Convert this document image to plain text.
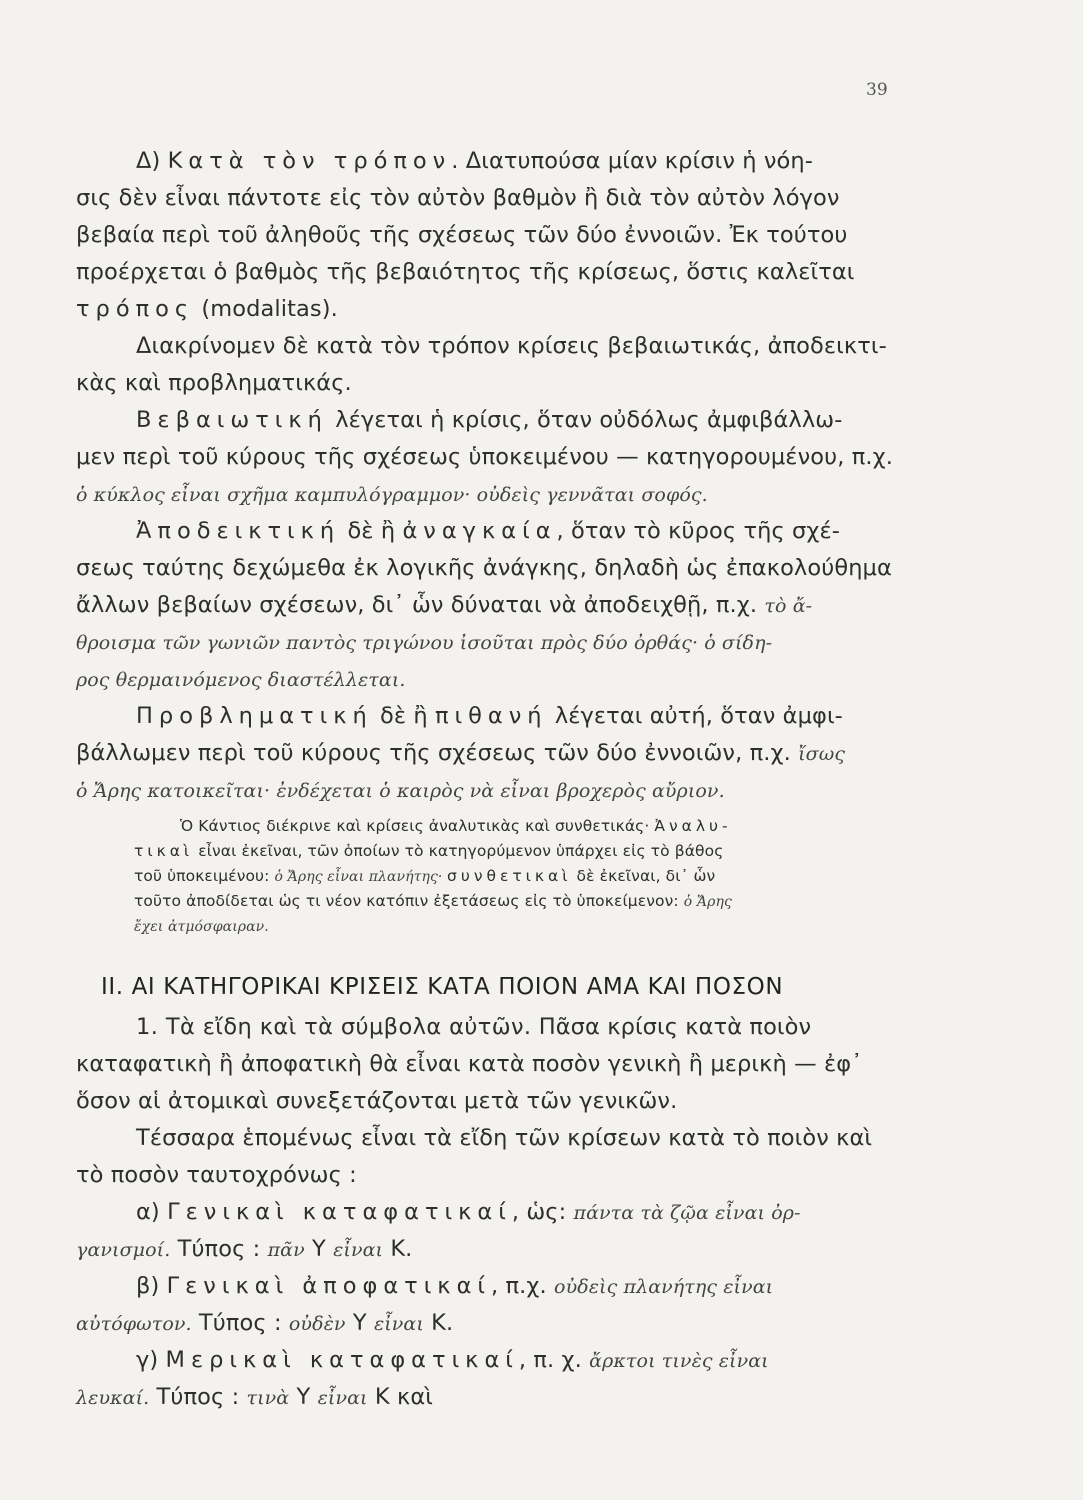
39
Δ) Κατὰ τὸν τρόπον. Διατυπούσα μίαν κρίσιν ἡ νόη-
σις δὲν εἶναι πάντοτε εἰς τὸν αὐτὸν βαθμὸν ἢ διὰ τὸν αὐτὸν λόγον
βεβαία περὶ τοῦ ἀληθοῦς τῆς σχέσεως τῶν δύο ἐννοιῶν. Ἐκ τούτου
προέρχεται ὁ βαθμὸς τῆς βεβαιότητος τῆς κρίσεως, ὅστις καλεῖται
τρόπος (modalitas).
Διακρίνομεν δὲ κατὰ τὸν τρόπον κρίσεις βεβαιωτικάς, ἀποδεικτι-
κὰς καὶ προβληματικάς.
Βεβαιωτική λέγεται ἡ κρίσις, ὅταν οὐδόλως ἀμφιβάλλω-
μεν περὶ τοῦ κύρους τῆς σχέσεως ὑποκειμένου — κατηγορουμένου, π.χ.
ὁ κύκλος εἶναι σχῆμα καμπυλόγραμμον· οὐδεὶς γεννᾶται σοφός.
Ἀποδεικτική δὲ ἢ ἀναγκαία, ὅταν τὸ κῦρος τῆς σχέ-
σεως ταύτης δεχώμεθα ἐκ λογικῆς ἀνάγκης, δηλαδὴ ὡς ἐπακολούθημα
ἄλλων βεβαίων σχέσεων, δι᾽ ὧν δύναται νὰ ἀποδειχθῇ, π.χ. τὸ ἄ-
θροισμα τῶν γωνιῶν παντὸς τριγώνου ἰσοῦται πρὸς δύο ὀρθάς· ὁ σίδη-
ρος θερμαινόμενος διαστέλλεται.
Προβληματική δὲ ἢ πιθανή λέγεται αὐτή, ὅταν ἀμφι-
βάλλωμεν περὶ τοῦ κύρους τῆς σχέσεως τῶν δύο ἐννοιῶν, π.χ. ἴσως
ὁ Ἄρης κατοικεῖται· ἐνδέχεται ὁ καιρὸς νὰ εἶναι βροχερὸς αὔριον.
Ὁ Κάντιος διέκρινε καὶ κρίσεις ἀναλυτικὰς καὶ συνθετικάς· Ἀναλυ-
τικαὶ εἶναι ἐκεῖναι, τῶν ὁποίων τὸ κατηγορύμενον ὑπάρχει εἰς τὸ βάθος
τοῦ ὑποκειμένου: ὁ Ἄρης εἶναι πλανήτης· συνθετικαὶ δὲ ἐκεῖναι, δι᾽ ὧν
τοῦτο ἀποδίδεται ὡς τι νέον κατόπιν ἐξετάσεως εἰς τὸ ὑποκείμενον: ὁ Ἄρης
ἔχει ἀτμόσφαιραν.
II. ΑΙ ΚΑΤΗΓΟΡΙΚΑΙ ΚΡΙΣΕΙΣ ΚΑΤΑ ΠΟΙΟΝ ΑΜΑ ΚΑΙ ΠΟΣΟΝ
1. Τὰ εἴδη καὶ τὰ σύμβολα αὐτῶν. Πᾶσα κρίσις κατὰ ποιὸν
καταφατικὴ ἢ ἀποφατικὴ θὰ εἶναι κατὰ ποσὸν γενικὴ ἢ μερικὴ — ἐφ᾽
ὅσον αἱ ἀτομικαὶ συνεξετάζονται μετὰ τῶν γενικῶν.
Τέσσαρα ἑπομένως εἶναι τὰ εἴδη τῶν κρίσεων κατὰ τὸ ποιὸν καὶ
τὸ ποσὸν ταυτοχρόνως :
α) Γενικαὶ καταφατικαί, ὡς: πάντα τὰ ζῷα εἶναι ὀρ-
γανισμοί. Τύπος : πᾶν Υ εἶναι Κ.
β) Γενικαὶ ἀποφατικαί, π.χ. οὐδεὶς πλανήτης εἶναι
αὐτόφωτον. Τύπος : οὐδὲν Υ εἶναι Κ.
γ) Μερικαὶ καταφατικαί, π. χ. ἄρκτοι τινὲς εἶναι
λευκαί. Τύπος : τινὰ Υ εἶναι Κ καὶ
